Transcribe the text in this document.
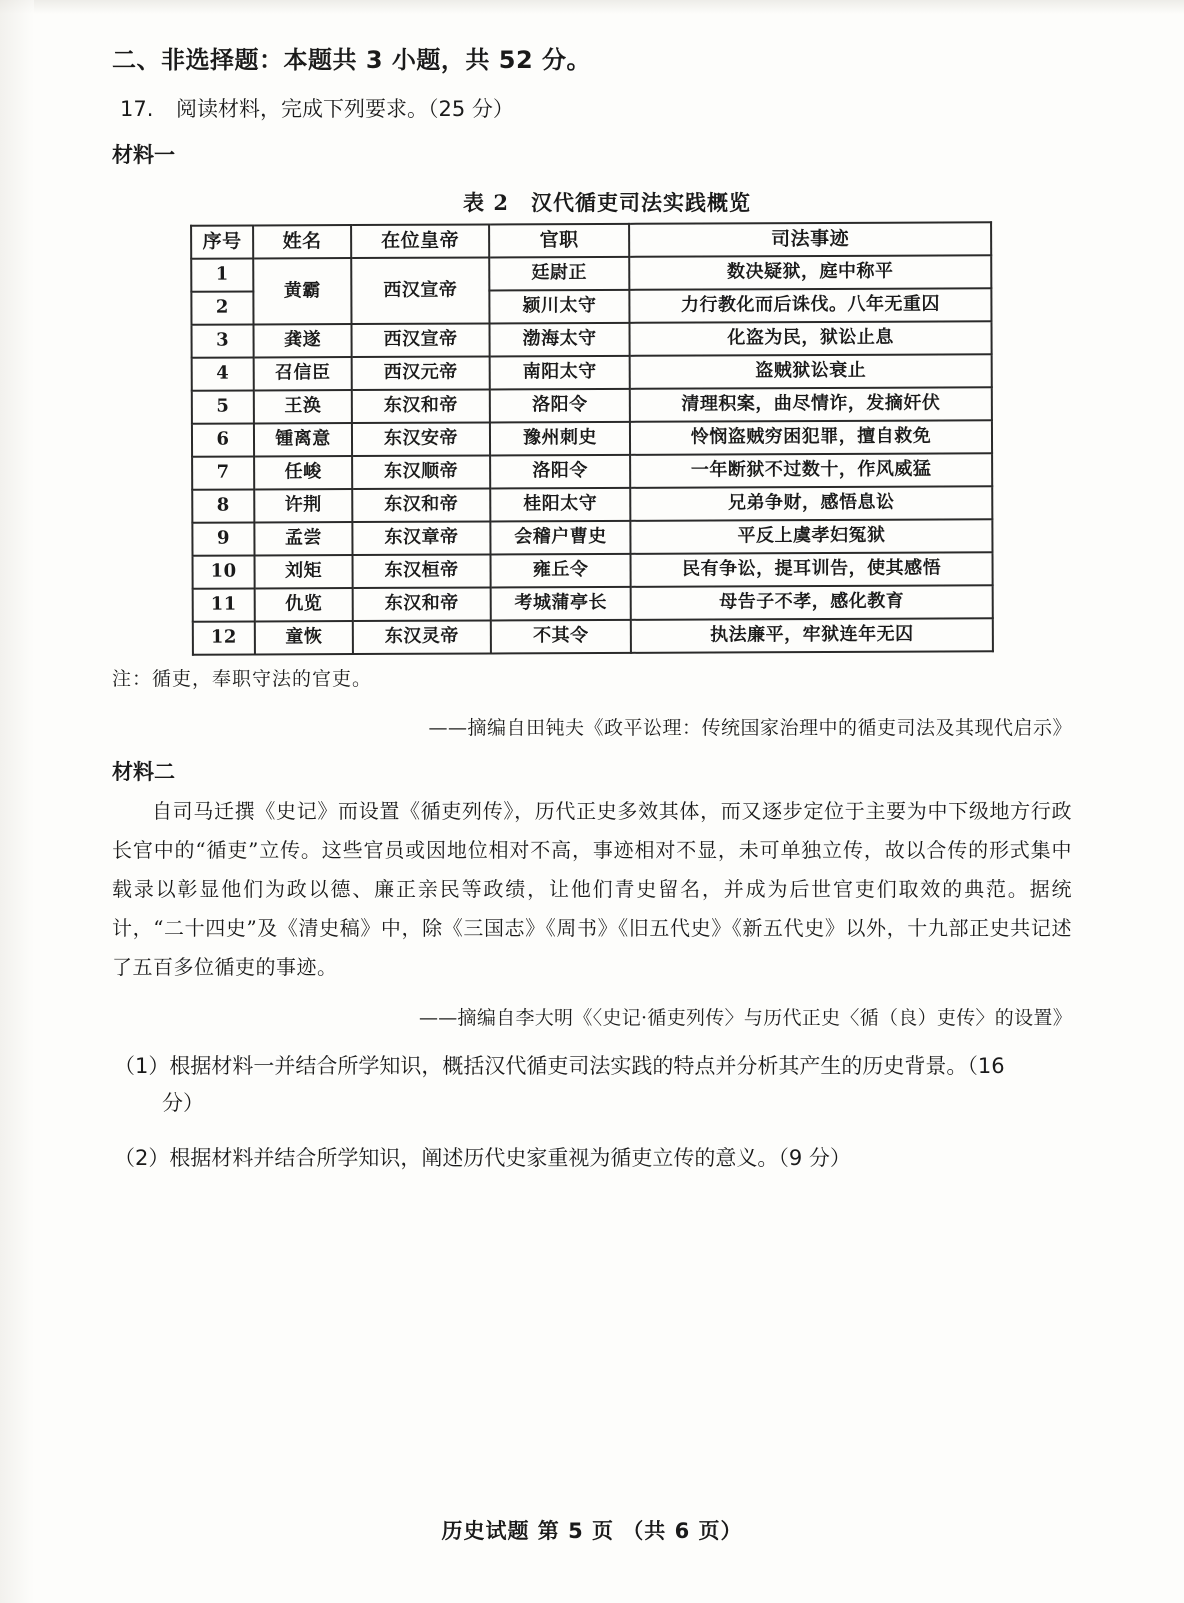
二、非选择题：本题共 3 小题，共 52 分。
17. 阅读材料，完成下列要求。（25 分）
材料一
表 2　汉代循吏司法实践概览
序号	姓名	在位皇帝	官职	司法事迹
1	黄霸	西汉宣帝	廷尉正	数决疑狱，庭中称平
2			颍川太守	力行教化而后诛伐。八年无重囚
3	龚遂	西汉宣帝	渤海太守	化盗为民，狱讼止息
4	召信臣	西汉元帝	南阳太守	盗贼狱讼衰止
5	王涣	东汉和帝	洛阳令	清理积案，曲尽情诈，发摘奸伏
6	锺离意	东汉安帝	豫州刺史	怜悯盗贼穷困犯罪，擅自救免
7	任峻	东汉顺帝	洛阳令	一年断狱不过数十，作风威猛
8	许荆	东汉和帝	桂阳太守	兄弟争财，感悟息讼
9	孟尝	东汉章帝	会稽户曹史	平反上虞孝妇冤狱
10	刘矩	东汉桓帝	雍丘令	民有争讼，提耳训告，使其感悟
11	仇览	东汉和帝	考城蒲亭长	母告子不孝，感化教育
12	童恢	东汉灵帝	不其令	执法廉平，牢狱连年无囚
注：循吏，奉职守法的官吏。
——摘编自田钝夫《政平讼理：传统国家治理中的循吏司法及其现代启示》
材料二

自司马迁撰《史记》而设置《循吏列传》，历代正史多效其体，而又逐步定位于主要为中下级地方行政长官中的“循吏”立传。这些官员或因地位相对不高，事迹相对不显，未可单独立传，故以合传的形式集中载录以彰显他们为政以德、廉正亲民等政绩，让他们青史留名，并成为后世官吏们取效的典范。据统计，“二十四史”及《清史稿》中，除《三国志》《周书》《旧五代史》《新五代史》以外，十九部正史共记述了五百多位循吏的事迹。

——摘编自李大明《〈史记·循吏列传〉与历代正史〈循（良）吏传〉的设置》
（1）根据材料一并结合所学知识，概括汉代循吏司法实践的特点并分析其产生的历史背景。（16
分）
（2）根据材料并结合所学知识，阐述历代史家重视为循吏立传的意义。（9 分）
历史试题 第 5 页 （共 6 页）
